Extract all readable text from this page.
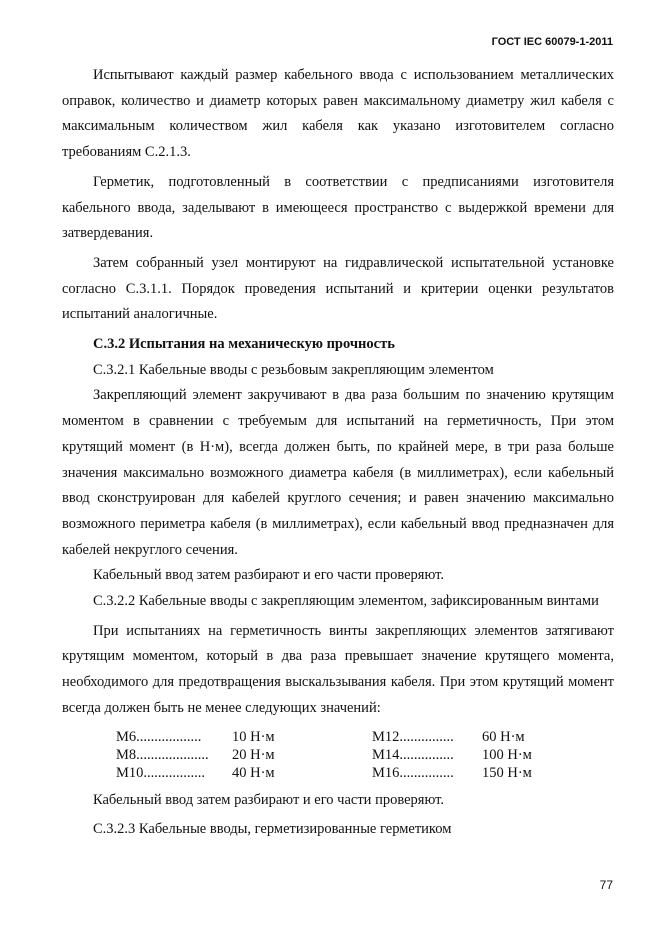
ГОСТ IEC 60079-1-2011

Испытывают каждый размер кабельного ввода с использованием металлических оправок, количество и диаметр которых равен максимальному диаметру жил кабеля с максимальным количеством жил кабеля как указано изготовителем согласно требованиям С.2.1.3.

Герметик, подготовленный в соответствии с предписаниями изготовителя кабельного ввода, заделывают в имеющееся пространство с выдержкой времени для затвердевания.

Затем собранный узел монтируют на гидравлической испытательной установке согласно С.3.1.1. Порядок проведения испытаний и критерии оценки результатов испытаний аналогичные.

С.3.2 Испытания на механическую прочность

С.3.2.1 Кабельные вводы с резьбовым закрепляющим элементом

Закрепляющий элемент закручивают в два раза большим по значению крутящим моментом в сравнении с требуемым для испытаний на герметичность, При этом крутящий момент (в Н·м), всегда должен быть, по крайней мере, в три раза больше значения максимально возможного диаметра кабеля (в миллиметрах), если кабельный ввод сконструирован для кабелей круглого сечения; и равен значению максимально возможного периметра кабеля (в миллиметрах), если кабельный ввод предназначен для кабелей некруглого сечения.

Кабельный ввод затем разбирают и его части проверяют.

С.3.2.2 Кабельные вводы с закрепляющим элементом, зафиксированным винтами

При испытаниях на герметичность винты закрепляющих элементов затягивают крутящим моментом, который в два раза превышает значение крутящего момента, необходимого для предотвращения выскальзывания кабеля. При этом крутящий момент всегда должен быть не менее следующих значений:

М6..................	10 Н·м	М12...............	60 Н·м
М8....................	20 Н·м	М14...............	100 Н·м
М10.................	40 Н·м	М16...............	150 Н·м

Кабельный ввод затем разбирают и его части проверяют.

С.3.2.3 Кабельные вводы, герметизированные герметиком

77
